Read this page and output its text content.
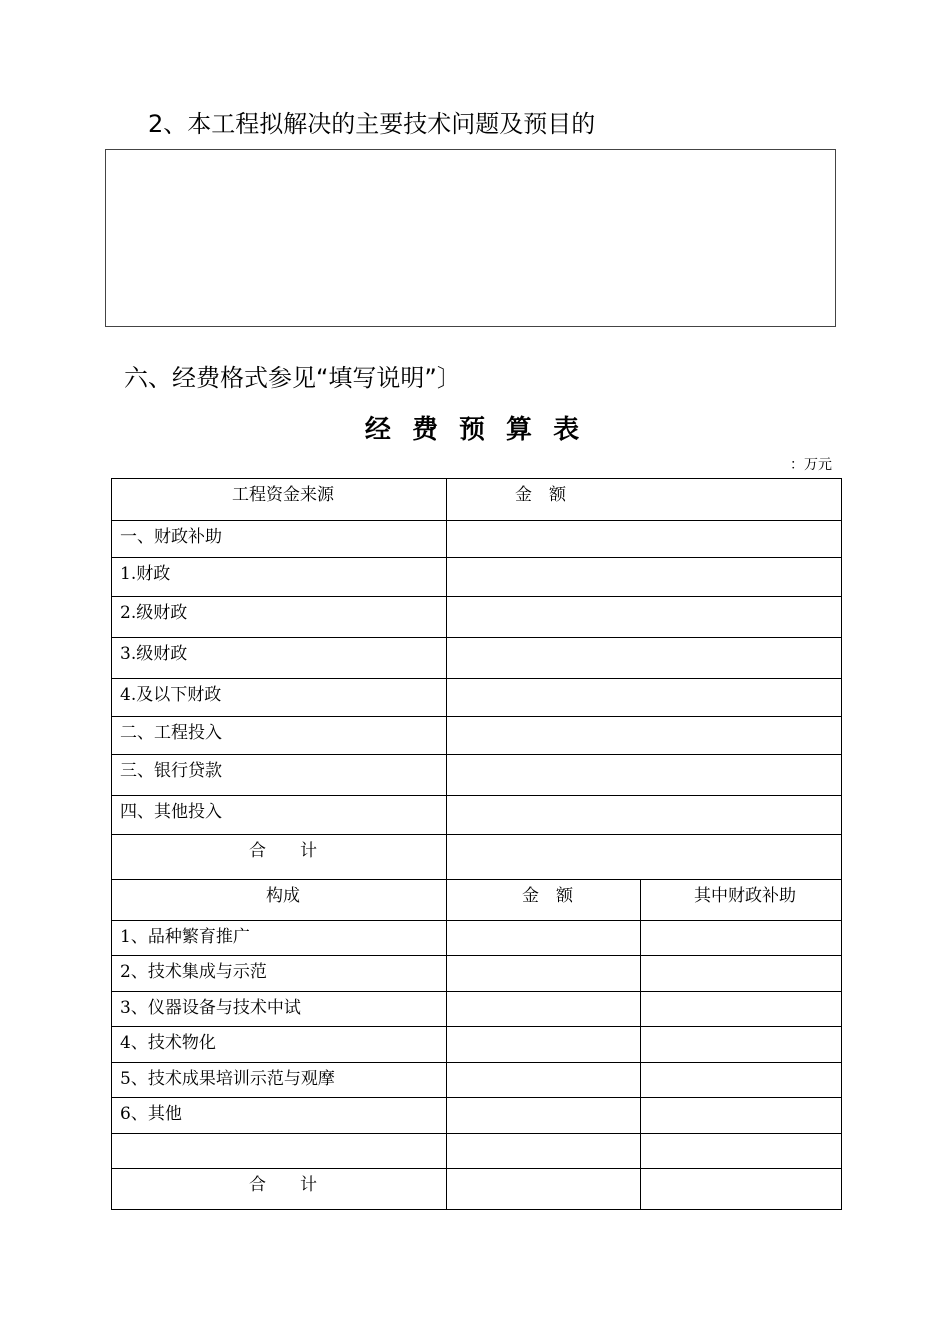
2、本工程拟解决的主要技术问题及预目的
六、经费格式参见“填写说明”〕
经 费 预 算 表
：万元
工程资金来源	金　额	

一、财政补助		

1.财政		

2.级财政		

3.级财政		

4.及以下财政		

二、工程投入		

三、银行贷款		

四、其他投入		

合　　计		

构成	金　额	其中财政补助

1、品种繁育推广		

2、技术集成与示范		

3、仪器设备与技术中试		

4、技术物化		

5、技术成果培训示范与观摩		

6、其他		

合　　计		
